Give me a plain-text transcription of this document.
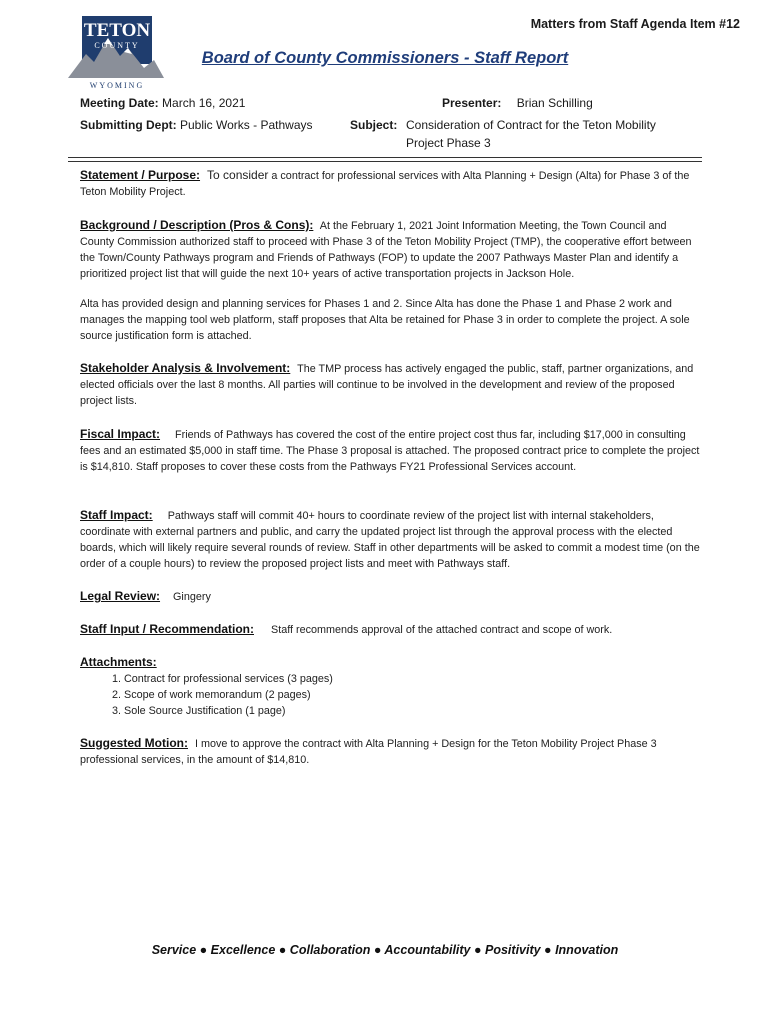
TETON
COUNTY
WYOMING
Matters from Staff Agenda Item #12
Board of County Commissioners - Staff Report
Meeting Date: March 16, 2021
Submitting Dept: Public Works - Pathways
Presenter: Brian Schilling
Subject: Consideration of Contract for the Teton Mobility
Project Phase 3

Statement / Purpose: To consider a contract for professional services with Alta Planning + Design (Alta) for Phase 3 of the Teton Mobility Project.

Background / Description (Pros & Cons): At the February 1, 2021 Joint Information Meeting, the Town Council and County Commission authorized staff to proceed with Phase 3 of the Teton Mobility Project (TMP), the cooperative effort between the Town/County Pathways program and Friends of Pathways (FOP) to update the 2007 Pathways Master Plan and identify a prioritized project list that will guide the next 10+ years of active transportation projects in Jackson Hole.

Alta has provided design and planning services for Phases 1 and 2. Since Alta has done the Phase 1 and Phase 2 work and manages the mapping tool web platform, staff proposes that Alta be retained for Phase 3 in order to complete the project. A sole source justification form is attached.

Stakeholder Analysis & Involvement: The TMP process has actively engaged the public, staff, partner organizations, and elected officials over the last 8 months. All parties will continue to be involved in the development and review of the proposed project lists.

Fiscal Impact: Friends of Pathways has covered the cost of the entire project cost thus far, including $17,000 in consulting fees and an estimated $5,000 in staff time. The Phase 3 proposal is attached. The proposed contract price to complete the project is $14,810. Staff proposes to cover these costs from the Pathways FY21 Professional Services account.

Staff Impact: Pathways staff will commit 40+ hours to coordinate review of the project list with internal stakeholders, coordinate with external partners and public, and carry the updated project list through the approval process with the elected boards, which will likely require several rounds of review. Staff in other departments will be asked to commit a modest time (on the order of a couple hours) to review the proposed project lists and meet with Pathways staff.

Legal Review: Gingery

Staff Input / Recommendation: Staff recommends approval of the attached contract and scope of work.

Attachments:

1. Contract for professional services (3 pages)
2. Scope of work memorandum (2 pages)
3. Sole Source Justification (1 page)

Suggested Motion: I move to approve the contract with Alta Planning + Design for the Teton Mobility Project Phase 3 professional services, in the amount of $14,810.

Service ● Excellence ● Collaboration ● Accountability ● Positivity ● Innovation
